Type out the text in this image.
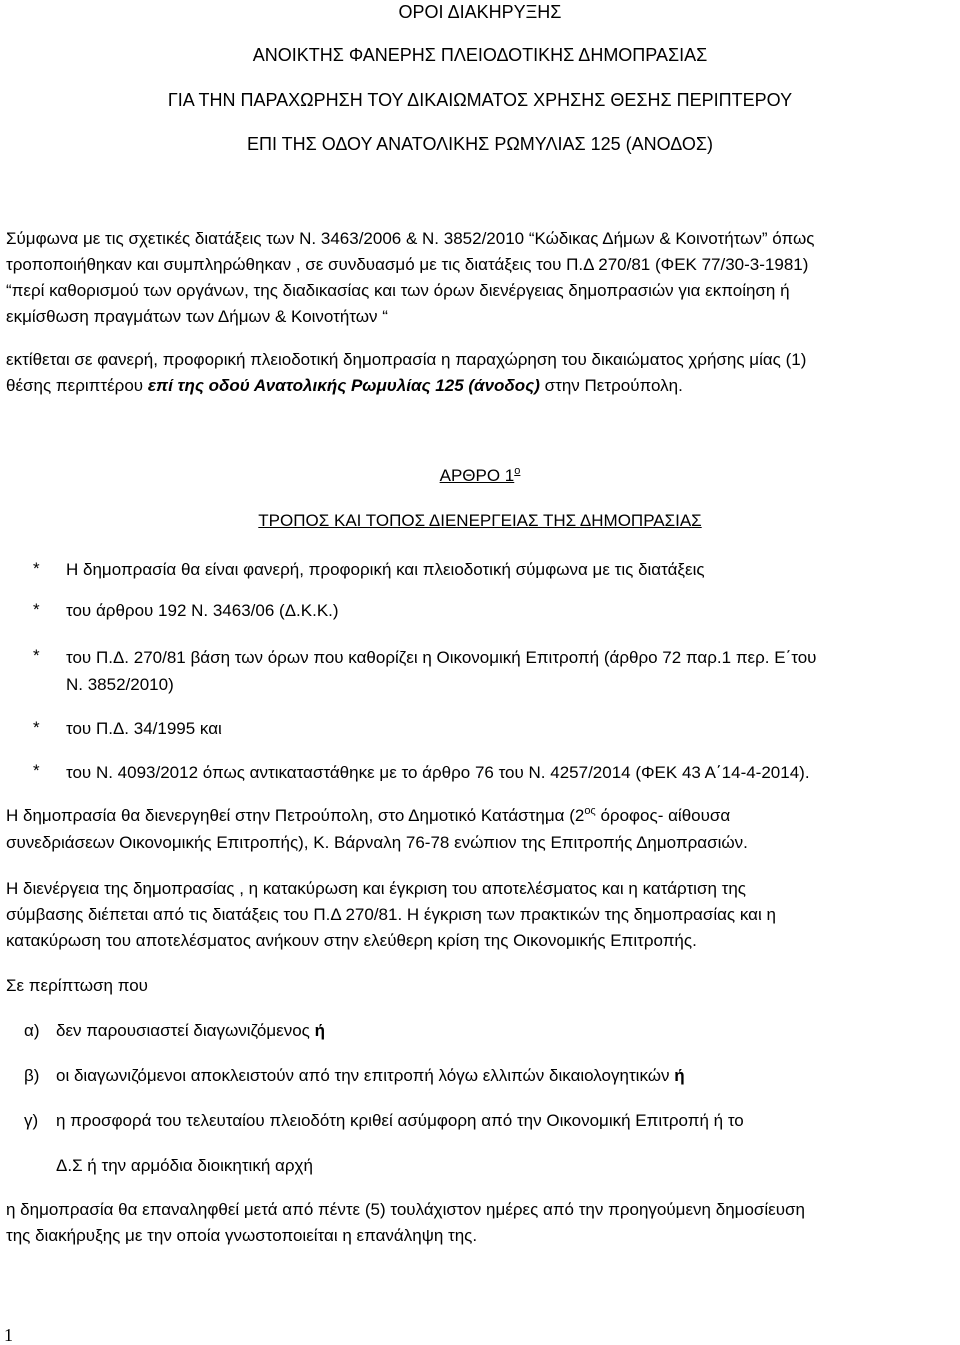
ΟΡΟΙ ΔΙΑΚΗΡΥΞΗΣ
ΑΝΟΙΚΤΗΣ ΦΑΝΕΡΗΣ ΠΛΕΙΟΔΟΤΙΚΗΣ ΔΗΜΟΠΡΑΣΙΑΣ
ΓΙΑ ΤΗΝ ΠΑΡΑΧΩΡΗΣΗ ΤΟΥ ΔΙΚΑΙΩΜΑΤΟΣ ΧΡΗΣΗΣ ΘΕΣΗΣ ΠΕΡΙΠΤΕΡΟΥ
ΕΠΙ ΤΗΣ ΟΔΟΥ ΑΝΑΤΟΛΙΚΗΣ ΡΩΜΥΛΙΑΣ 125 (ΑΝΟΔΟΣ)
Σύμφωνα με τις σχετικές διατάξεις των Ν. 3463/2006 & Ν. 3852/2010 “Κώδικας Δήμων & Κοινοτήτων” όπως
τροποποιήθηκαν και συμπληρώθηκαν , σε συνδυασμό με τις διατάξεις του Π.Δ 270/81 (ΦΕΚ 77/30-3-1981)
“περί καθορισμού των οργάνων, της διαδικασίας και των όρων διενέργειας δημοπρασιών για εκποίηση ή
εκμίσθωση πραγμάτων των Δήμων & Κοινοτήτων “
εκτίθεται σε φανερή, προφορική πλειοδοτική δημοπρασία η παραχώρηση του δικαιώματος χρήσης μίας (1)
θέσης περιπτέρου επί της οδού Ανατολικής Ρωμυλίας 125 (άνοδος) στην Πετρούπολη.
ΑΡΘΡΟ $1^o$
ΤΡΟΠΟΣ ΚΑΙ ΤΟΠΟΣ ΔΙΕΝΕΡΓΕΙΑΣ ΤΗΣ ΔΗΜΟΠΡΑΣΙΑΣ
* Η δημοπρασία θα είναι φανερή, προφορική και πλειοδοτική σύμφωνα με τις διατάξεις
* του άρθρου 192 Ν. 3463/06 (Δ.Κ.Κ.)
* του Π.Δ. 270/81 βάση των όρων που καθορίζει η Οικονομική Επιτροπή (άρθρο 72 παρ.1 περ. Ε΄του
Ν. 3852/2010)
* του Π.Δ. 34/1995 και
* του Ν. 4093/2012 όπως αντικαταστάθηκε με το άρθρο 76 του Ν. 4257/2014 (ΦΕΚ 43 Α΄14-4-2014).
Η δημοπρασία θα διενεργηθεί στην Πετρούπολη, στο Δημοτικό Κατάστημα ($2^{o\varsigma}$ όροφος- αίθουσα
συνεδριάσεων Οικονομικής Επιτροπής), Κ. Βάρναλη 76-78 ενώπιον της Επιτροπής Δημοπρασιών.
Η διενέργεια της δημοπρασίας , η κατακύρωση και έγκριση του αποτελέσματος και η κατάρτιση της
σύμβασης διέπεται από τις διατάξεις του Π.Δ 270/81. Η έγκριση των πρακτικών της δημοπρασίας και η
κατακύρωση του αποτελέσματος ανήκουν στην ελεύθερη κρίση της Οικονομικής Επιτροπής.
Σε περίπτωση που
α) δεν παρουσιαστεί διαγωνιζόμενος ή
β) οι διαγωνιζόμενοι αποκλειστούν από την επιτροπή λόγω ελλιπών δικαιολογητικών ή
γ) η προσφορά του τελευταίου πλειοδότη κριθεί ασύμφορη από την Οικονομική Επιτροπή ή το
Δ.Σ ή την αρμόδια διοικητική αρχή
η δημοπρασία θα επαναληφθεί μετά από πέντε (5) τουλάχιστον ημέρες από την προηγούμενη δημοσίευση
της διακήρυξης με την οποία γνωστοποιείται η επανάληψη της.
1
